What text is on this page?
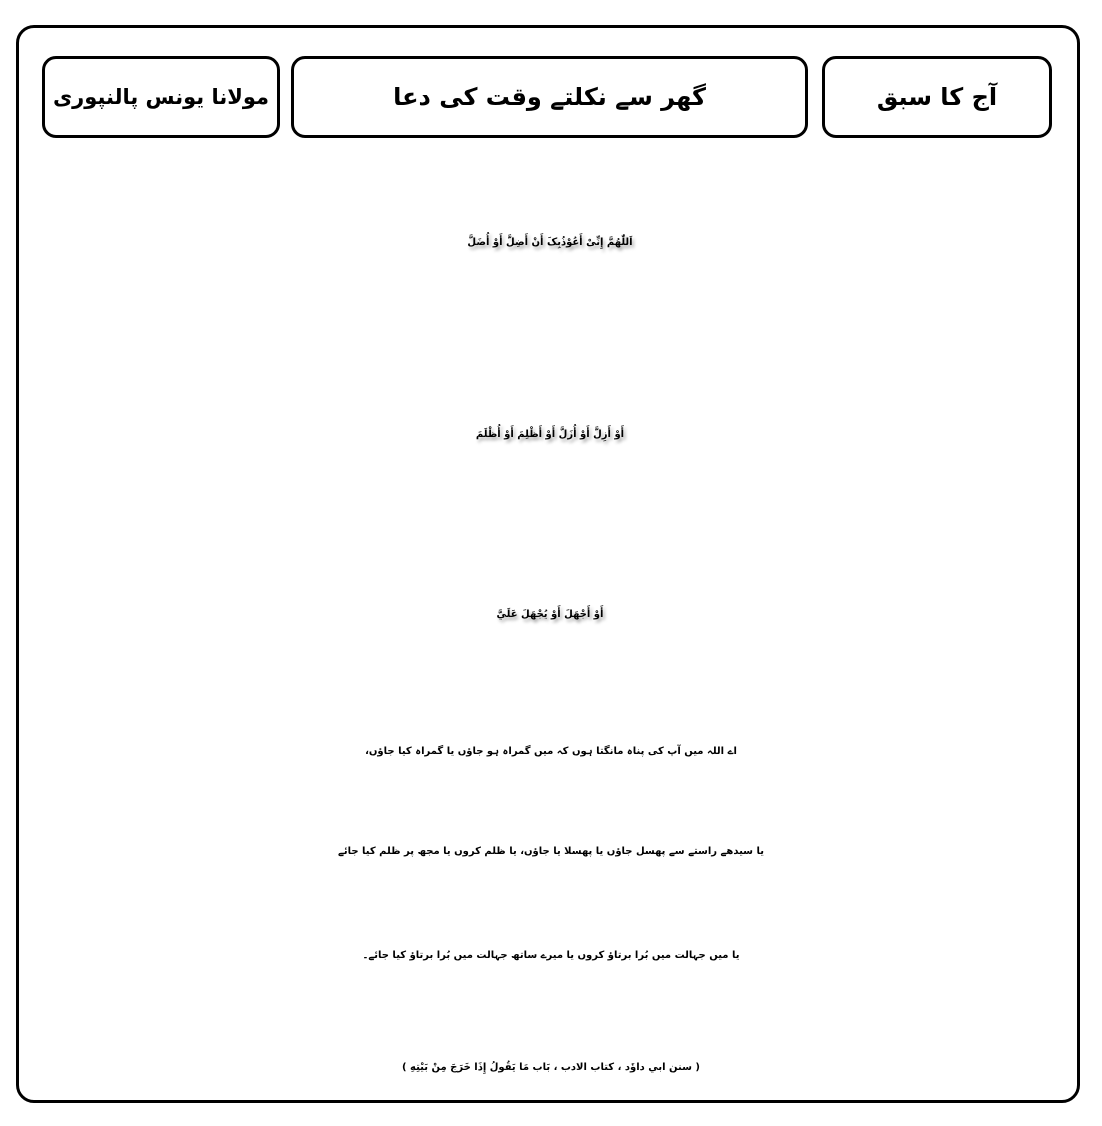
مولانا یونس پالنپوری	گھر سے نکلتے وقت کی دعا	آج کا سبق
اَللّٰھُمَّ إِنِّیْ أَعُوْذُبِکَ أَنْ أَضِلَّ أَوْ أُضَلَّ
أَوْ أَزِلَّ أَوْ أُزَلَّ أَوْ أَظْلِمَ أَوْ أُظْلَمَ
أَوْ أَجْهَلَ أَوْ يُجْهَلَ عَلَيَّ
اے اللہ میں آپ کی پناہ مانگتا ہوں کہ میں گمراہ ہو جاؤں یا گمراہ کیا جاؤں،
یا سیدھے راستے سے پھسل جاؤں یا پھسلا یا جاؤں، یا ظلم کروں یا مجھ پر ظلم کیا جائے
یا میں جہالت میں بُرا برتاؤ کروں یا میرے ساتھ جہالت میں بُرا برتاؤ کیا جائے۔
( سنن ابي داوٗد ، كتاب الادب ، بَاب مَا يَقُولُ إِذَا خَرَجَ مِنْ بَيْتِهِ )
